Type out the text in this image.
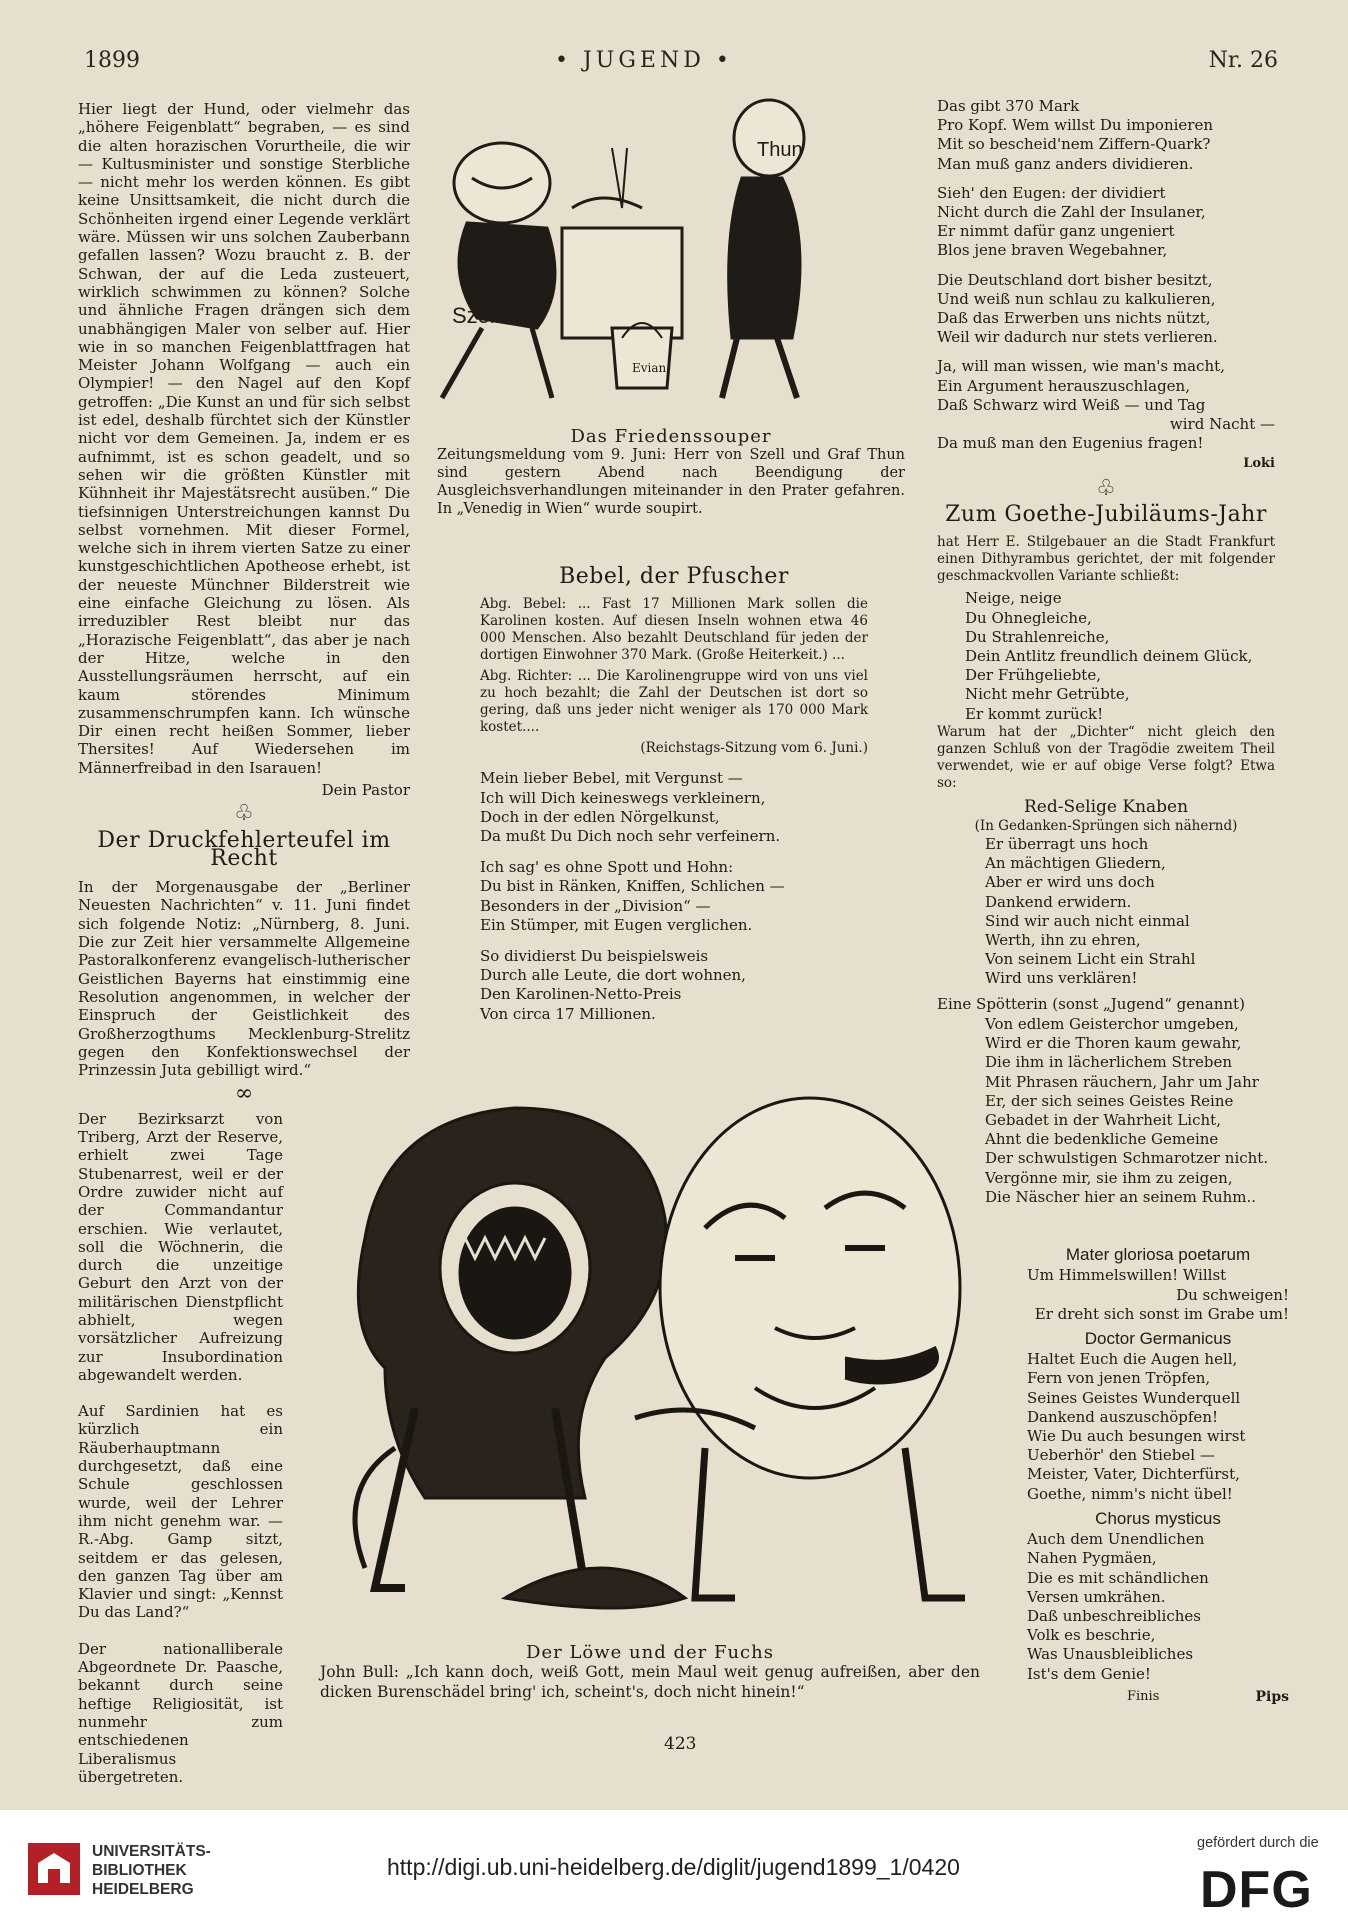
1899	• JUGEND •	Nr. 26

Hier liegt der Hund, oder vielmehr das „höhere Feigenblatt“ begraben, — es sind die alten horazischen Vorurtheile, die wir — Kultusminister und sonstige Sterbliche — nicht mehr los werden können. Es gibt keine Unsittsamkeit, die nicht durch die Schönheiten irgend einer Legende verklärt wäre. Müssen wir uns solchen Zauberbann gefallen lassen? Wozu braucht z. B. der Schwan, der auf die Leda zusteuert, wirklich schwimmen zu können? Solche und ähnliche Fragen drängen sich dem unabhängigen Maler von selber auf. Hier wie in so manchen Feigenblattfragen hat Meister Johann Wolfgang — auch ein Olympier! — den Nagel auf den Kopf getroffen: „Die Kunst an und für sich selbst ist edel, deshalb fürchtet sich der Künstler nicht vor dem Gemeinen. Ja, indem er es aufnimmt, ist es schon geadelt, und so sehen wir die größten Künstler mit Kühnheit ihr Majestätsrecht ausüben.“ Die tiefsinnigen Unterstreichungen kannst Du selbst vornehmen. Mit dieser Formel, welche sich in ihrem vierten Satze zu einer kunstgeschichtlichen Apotheose erhebt, ist der neueste Münchner Bilderstreit wie eine einfache Gleichung zu lösen. Als irreduzibler Rest bleibt nur das „Horazische Feigenblatt“, das aber je nach der Hitze, welche in den Ausstellungsräumen herrscht, auf ein kaum störendes Minimum zusammenschrumpfen kann. Ich wünsche Dir einen recht heißen Sommer, lieber Thersites! Auf Wiedersehen im Männerfreibad in den Isarauen!

Dein Pastor
♧
Der Druckfehlerteufel im Recht

In der Morgenausgabe der „Berliner Neuesten Nachrichten“ v. 11. Juni findet sich folgende Notiz: „Nürnberg, 8. Juni. Die zur Zeit hier versammelte Allgemeine Pastoralkonferenz evangelisch-lutherischer Geistlichen Bayerns hat einstimmig eine Resolution angenommen, in welcher der Einspruch der Geistlichkeit des Großherzogthums Mecklenburg-Strelitz gegen den Konfektionswechsel der Prinzessin Juta gebilligt wird.“

∞

Der Bezirksarzt von Triberg, Arzt der Reserve, erhielt zwei Tage Stubenarrest, weil er der Ordre zuwider nicht auf der Commandantur erschien. Wie verlautet, soll die Wöchnerin, die durch die unzeitige Geburt den Arzt von der militärischen Dienstpflicht abhielt, wegen vorsätzlicher Aufreizung zur Insubordination abgewandelt werden.

Auf Sardinien hat es kürzlich ein Räuberhauptmann durchgesetzt, daß eine Schule geschlossen wurde, weil der Lehrer ihm nicht genehm war. — R.-Abg. Gamp sitzt, seitdem er das gelesen, den ganzen Tag über am Klavier und singt: „Kennst Du das Land?“

Der nationalliberale Abgeordnete Dr. Paasche, bekannt durch seine heftige Religiosität, ist nunmehr zum entschiedenen Liberalismus übergetreten.

Evian
Szell
Thun
Das Friedenssouper

Zeitungsmeldung vom 9. Juni: Herr von Szell und Graf Thun sind gestern Abend nach Beendigung der Ausgleichsverhandlungen miteinander in den Prater gefahren. In „Venedig in Wien“ wurde soupirt.

Bebel, der Pfuscher

Abg. Bebel: ... Fast 17 Millionen Mark sollen die Karolinen kosten. Auf diesen Inseln wohnen etwa 46 000 Menschen. Also bezahlt Deutschland für jeden der dortigen Einwohner 370 Mark. (Große Heiterkeit.) ...

Abg. Richter: ... Die Karolinengruppe wird von uns viel zu hoch bezahlt; die Zahl der Deutschen ist dort so gering, daß uns jeder nicht weniger als 170 000 Mark kostet....

(Reichstags-Sitzung vom 6. Juni.)
Mein lieber Bebel, mit Vergunst —
Ich will Dich keineswegs verkleinern,
Doch in der edlen Nörgelkunst,
Da mußt Du Dich noch sehr verfeinern.
Ich sag' es ohne Spott und Hohn:
Du bist in Ränken, Kniffen, Schlichen —
Besonders in der „Division“ —
Ein Stümper, mit Eugen verglichen.
So dividierst Du beispielsweis
Durch alle Leute, die dort wohnen,
Den Karolinen-Netto-Preis
Von circa 17 Millionen.
Das gibt 370 Mark
Pro Kopf. Wem willst Du imponieren
Mit so bescheid'nem Ziffern-Quark?
Man muß ganz anders dividieren.
Sieh' den Eugen: der dividiert
Nicht durch die Zahl der Insulaner,
Er nimmt dafür ganz ungeniert
Blos jene braven Wegebahner,
Die Deutschland dort bisher besitzt,
Und weiß nun schlau zu kalkulieren,
Daß das Erwerben uns nichts nützt,
Weil wir dadurch nur stets verlieren.
Ja, will man wissen, wie man's macht,
Ein Argument herauszuschlagen,
Daß Schwarz wird Weiß — und Tag
wird Nacht —
Da muß man den Eugenius fragen!
Loki
♧
Zum Goethe-Jubiläums-Jahr

hat Herr E. Stilgebauer an die Stadt Frankfurt einen Dithyrambus gerichtet, der mit folgender geschmackvollen Variante schließt:

Neige, neige
Du Ohnegleiche,
Du Strahlenreiche,
Dein Antlitz freundlich deinem Glück,
Der Frühgeliebte,
Nicht mehr Getrübte,
Er kommt zurück!

Warum hat der „Dichter“ nicht gleich den ganzen Schluß von der Tragödie zweitem Theil verwendet, wie er auf obige Verse folgt? Etwa so:

Red-Selige Knaben
(In Gedanken-Sprüngen sich nähernd)
Er überragt uns hoch
An mächtigen Gliedern,
Aber er wird uns doch
Dankend erwidern.
Sind wir auch nicht einmal
Werth, ihn zu ehren,
Von seinem Licht ein Strahl
Wird uns verklären!
Eine Spötterin (sonst „Jugend“ genannt)
Von edlem Geisterchor umgeben,
Wird er die Thoren kaum gewahr,
Die ihm in lächerlichem Streben
Mit Phrasen räuchern, Jahr um Jahr
Er, der sich seines Geistes Reine
Gebadet in der Wahrheit Licht,
Ahnt die bedenkliche Gemeine
Der schwulstigen Schmarotzer nicht.
Vergönne mir, sie ihm zu zeigen,
Die Näscher hier an seinem Ruhm..
Mater gloriosa poetarum
Um Himmelswillen! Willst
Du schweigen!
Er dreht sich sonst im Grabe um!
Doctor Germanicus
Haltet Euch die Augen hell,
Fern von jenen Tröpfen,
Seines Geistes Wunderquell
Dankend auszuschöpfen!
Wie Du auch besungen wirst
Ueberhör' den Stiebel —
Meister, Vater, Dichterfürst,
Goethe, nimm's nicht übel!
Chorus mysticus
Auch dem Unendlichen
Nahen Pygmäen,
Die es mit schändlichen
Versen umkrähen.
Daß unbeschreibliches
Volk es beschrie,
Was Unausbleibliches
Ist's dem Genie!
Finis	Pips
Der Löwe und der Fuchs

John Bull: „Ich kann doch, weiß Gott, mein Maul weit genug aufreißen, aber den dicken Burenschädel bring' ich, scheint's, doch nicht hinein!“

423
UNIVERSITÄTS-
BIBLIOTHEK
HEIDELBERG
http://digi.ub.uni-heidelberg.de/diglit/jugend1899_1/0420
gefördert durch die
DFG
